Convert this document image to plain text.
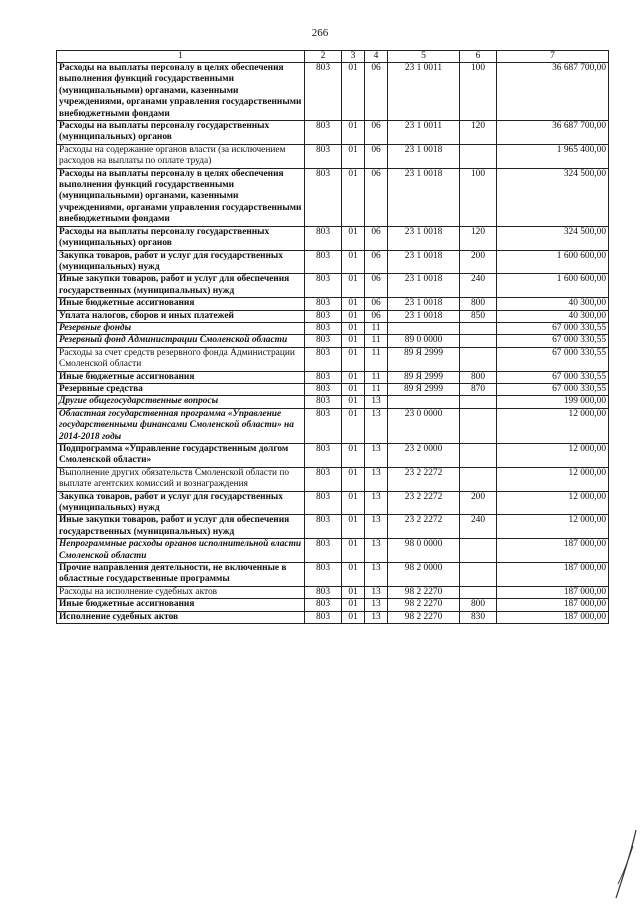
266
1	2	3	4	5	6	7
Расходы на выплаты персоналу в целях обеспечения выполнения функций государственными (муниципальными) органами, казенными учреждениями, органами управления государственными внебюджетными фондами	803	01	06	23 1 0011	100	36 687 700,00
Расходы на выплаты персоналу государственных (муниципальных) органов	803	01	06	23 1 0011	120	36 687 700,00
Расходы на содержание органов власти (за исключением расходов на выплаты по оплате труда)	803	01	06	23 1 0018		1 965 400,00
Расходы на выплаты персоналу в целях обеспечения выполнения функций государственными (муниципальными) органами, казенными учреждениями, органами управления государственными внебюджетными фондами	803	01	06	23 1 0018	100	324 500,00
Расходы на выплаты персоналу государственных (муниципальных) органов	803	01	06	23 1 0018	120	324 500,00
Закупка товаров, работ и услуг для государственных (муниципальных) нужд	803	01	06	23 1 0018	200	1 600 600,00
Иные закупки товаров, работ и услуг для обеспечения государственных (муниципальных) нужд	803	01	06	23 1 0018	240	1 600 600,00
Иные бюджетные ассигнования	803	01	06	23 1 0018	800	40 300,00
Уплата налогов, сборов и иных платежей	803	01	06	23 1 0018	850	40 300,00
Резервные фонды	803	01	11			67 000 330,55
Резервный фонд Администрации Смоленской области	803	01	11	89 0 0000		67 000 330,55
Расходы за счет средств резервного фонда Администрации Смоленской области	803	01	11	89 Я 2999		67 000 330,55
Иные бюджетные ассигнования	803	01	11	89 Я 2999	800	67 000 330,55
Резервные средства	803	01	11	89 Я 2999	870	67 000 330,55
Другие общегосударственные вопросы	803	01	13			199 000,00
Областная государственная программа «Управление государственными финансами Смоленской области» на 2014-2018 годы	803	01	13	23 0 0000		12 000,00
Подпрограмма «Управление государственным долгом Смоленской области»	803	01	13	23 2 0000		12 000,00
Выполнение других обязательств Смоленской области по выплате агентских комиссий и вознаграждения	803	01	13	23 2 2272		12 000,00
Закупка товаров, работ и услуг для государственных (муниципальных) нужд	803	01	13	23 2 2272	200	12 000,00
Иные закупки товаров, работ и услуг для обеспечения государственных (муниципальных) нужд	803	01	13	23 2 2272	240	12 000,00
Непрограммные расходы органов исполнительной власти Смоленской области	803	01	13	98 0 0000		187 000,00
Прочие направления деятельности, не включенные в областные государственные программы	803	01	13	98 2 0000		187 000,00
Расходы на исполнение судебных актов	803	01	13	98 2 2270		187 000,00
Иные бюджетные ассигнования	803	01	13	98 2 2270	800	187 000,00
Исполнение судебных актов	803	01	13	98 2 2270	830	187 000,00
